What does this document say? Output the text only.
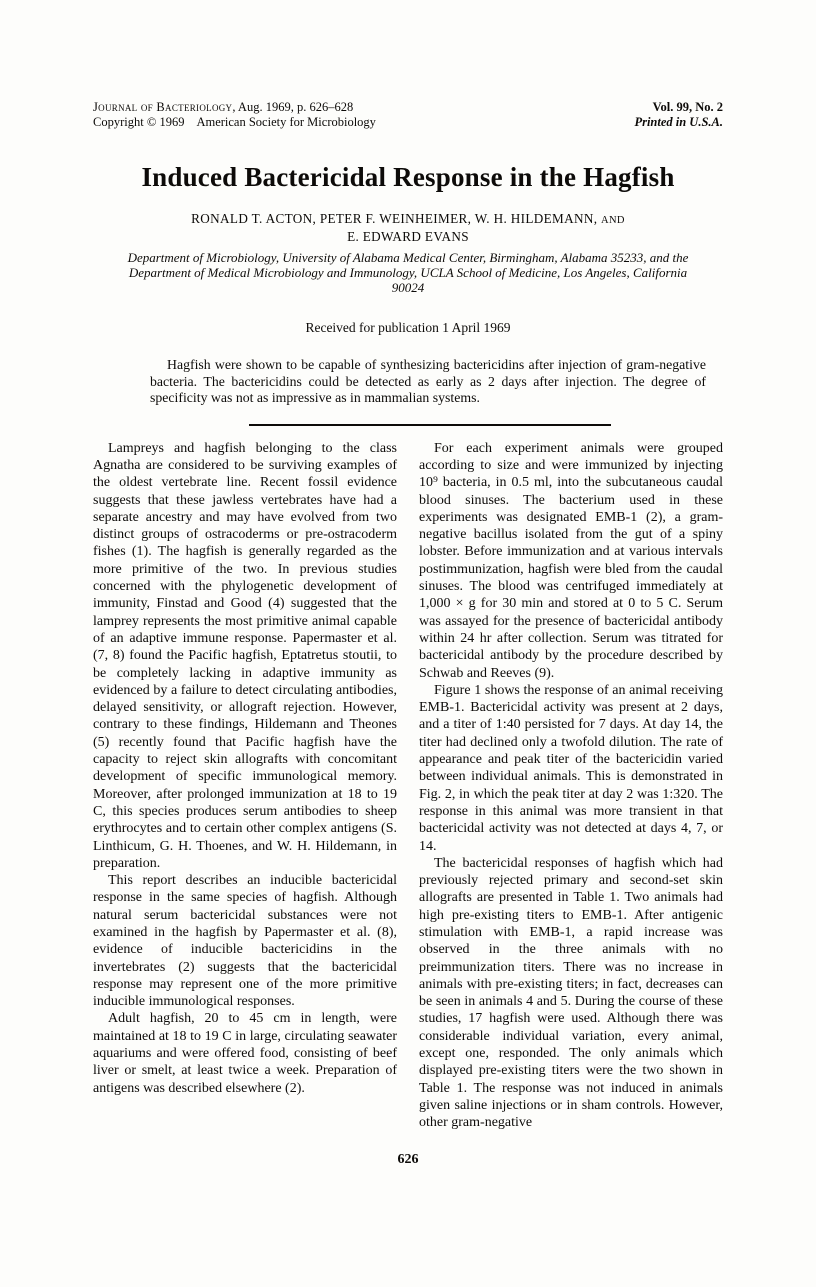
Journal of Bacteriology, Aug. 1969, p. 626–628
Copyright © 1969 American Society for Microbiology
Vol. 99, No. 2
Printed in U.S.A.
Induced Bactericidal Response in the Hagfish
RONALD T. ACTON, PETER F. WEINHEIMER, W. H. HILDEMANN, AND
E. EDWARD EVANS
Department of Microbiology, University of Alabama Medical Center, Birmingham, Alabama 35233, and the
Department of Medical Microbiology and Immunology, UCLA School of Medicine, Los Angeles, California
90024
Received for publication 1 April 1969

Hagfish were shown to be capable of synthesizing bactericidins after injection of gram-negative bacteria. The bactericidins could be detected as early as 2 days after injection. The degree of specificity was not as impressive as in mammalian systems.

Lampreys and hagfish belonging to the class Agnatha are considered to be surviving examples of the oldest vertebrate line. Recent fossil evidence suggests that these jawless vertebrates have had a separate ancestry and may have evolved from two distinct groups of ostracoderms or pre-ostracoderm fishes (1). The hagfish is generally regarded as the more primitive of the two. In previous studies concerned with the phylogenetic development of immunity, Finstad and Good (4) suggested that the lamprey represents the most primitive animal capable of an adaptive immune response. Papermaster et al. (7, 8) found the Pacific hagfish, Eptatretus stoutii, to be completely lacking in adaptive immunity as evidenced by a failure to detect circulating antibodies, delayed sensitivity, or allograft rejection. However, contrary to these findings, Hildemann and Theones (5) recently found that Pacific hagfish have the capacity to reject skin allografts with concomitant development of specific immunological memory. Moreover, after prolonged immunization at 18 to 19 C, this species produces serum antibodies to sheep erythrocytes and to certain other complex antigens (S. Linthicum, G. H. Thoenes, and W. H. Hildemann, in preparation.

This report describes an inducible bactericidal response in the same species of hagfish. Although natural serum bactericidal substances were not examined in the hagfish by Papermaster et al. (8), evidence of inducible bactericidins in the invertebrates (2) suggests that the bactericidal response may represent one of the more primitive inducible immunological responses.

Adult hagfish, 20 to 45 cm in length, were maintained at 18 to 19 C in large, circulating seawater aquariums and were offered food, consisting of beef liver or smelt, at least twice a week. Preparation of antigens was described elsewhere (2).

For each experiment animals were grouped according to size and were immunized by injecting 10⁹ bacteria, in 0.5 ml, into the subcutaneous caudal blood sinuses. The bacterium used in these experiments was designated EMB-1 (2), a gram-negative bacillus isolated from the gut of a spiny lobster. Before immunization and at various intervals postimmunization, hagfish were bled from the caudal sinuses. The blood was centrifuged immediately at 1,000 × g for 30 min and stored at 0 to 5 C. Serum was assayed for the presence of bactericidal antibody within 24 hr after collection. Serum was titrated for bactericidal antibody by the procedure described by Schwab and Reeves (9).

Figure 1 shows the response of an animal receiving EMB-1. Bactericidal activity was present at 2 days, and a titer of 1:40 persisted for 7 days. At day 14, the titer had declined only a twofold dilution. The rate of appearance and peak titer of the bactericidin varied between individual animals. This is demonstrated in Fig. 2, in which the peak titer at day 2 was 1:320. The response in this animal was more transient in that bactericidal activity was not detected at days 4, 7, or 14.

The bactericidal responses of hagfish which had previously rejected primary and second-set skin allografts are presented in Table 1. Two animals had high pre-existing titers to EMB-1. After antigenic stimulation with EMB-1, a rapid increase was observed in the three animals with no preimmunization titers. There was no increase in animals with pre-existing titers; in fact, decreases can be seen in animals 4 and 5. During the course of these studies, 17 hagfish were used. Although there was considerable individual variation, every animal, except one, responded. The only animals which displayed pre-existing titers were the two shown in Table 1. The response was not induced in animals given saline injections or in sham controls. However, other gram-negative

626
